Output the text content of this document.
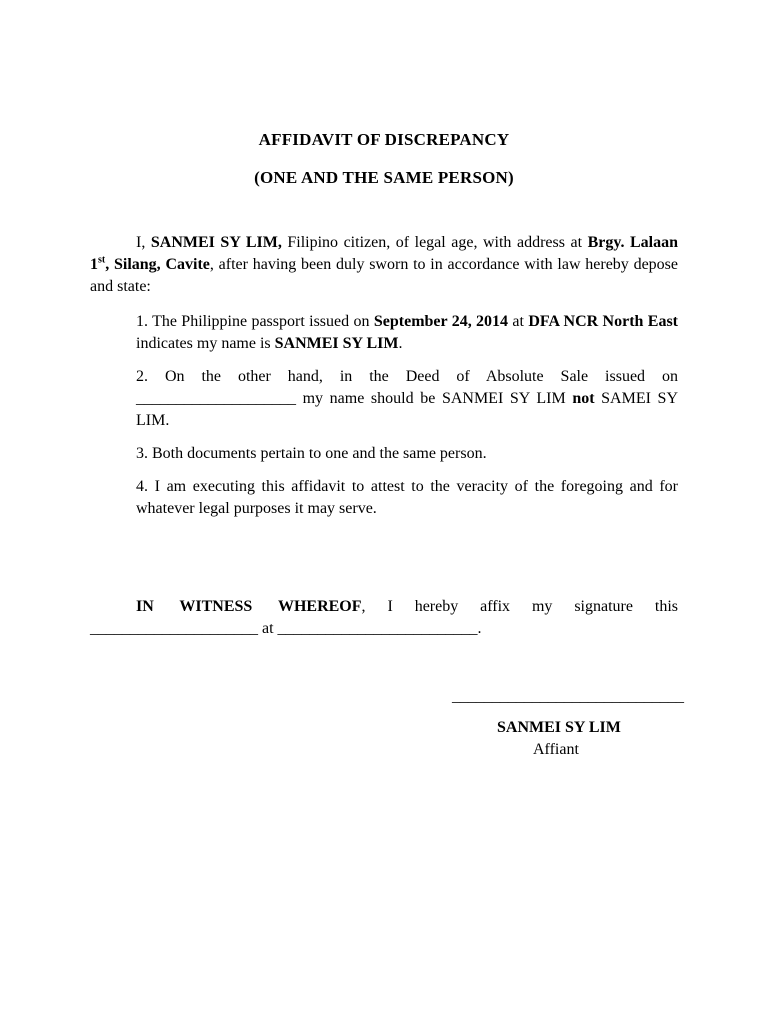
AFFIDAVIT OF DISCREPANCY
(ONE AND THE SAME PERSON)
I, SANMEI SY LIM, Filipino citizen, of legal age, with address at Brgy. Lalaan 1st, Silang, Cavite, after having been duly sworn to in accordance with law hereby depose and state:
1. The Philippine passport issued on September 24, 2014 at DFA NCR North East indicates my name is SANMEI SY LIM.
2. On the other hand, in the Deed of Absolute Sale issued on ____________________ my name should be SANMEI SY LIM not SAMEI SY LIM.
3. Both documents pertain to one and the same person.
4. I am executing this affidavit to attest to the veracity of the foregoing and for whatever legal purposes it may serve.
IN WITNESS WHEREOF, I hereby affix my signature this
_____________________ at _________________________.
_____________________________
SANMEI SY LIM
Affiant
